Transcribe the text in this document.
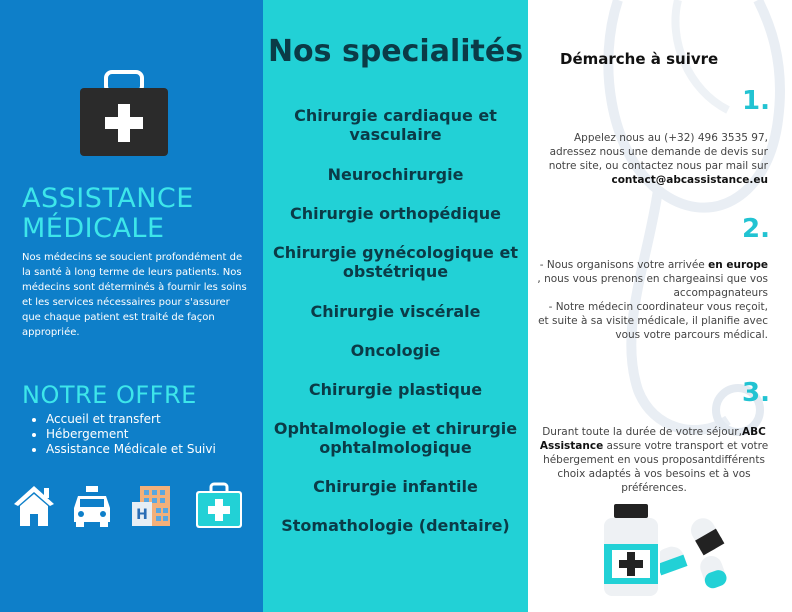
ASSISTANCE MÉDICALE
Nos médecins se soucient profondément de la santé à long terme de leurs patients. Nos médecins sont déterminés à fournir les soins et les services nécessaires pour s'assurer que chaque patient est traité de façon appropriée.
NOTRE OFFRE
• Accueil et transfert
• Hébergement
• Assistance Médicale et Suivi
H
Nos specialités
Chirurgie cardiaque et vasculaire
Neurochirurgie
Chirurgie orthopédique
Chirurgie gynécologique et obstétrique
Chirurgie viscérale
Oncologie
Chirurgie plastique
Ophtalmologie et chirurgie ophtalmologique
Chirurgie infantile
Stomathologie (dentaire)
Démarche à suivre
1.
Appelez nous au (+32) 496 3535 97, adressez nous une demande de devis sur notre site, ou contactez nous par mail sur contact@abcassistance.eu
2.
- Nous organisons votre arrivée en europe , nous vous prenons en chargeainsi que vos accompagnateurs
- Notre médecin coordinateur vous reçoit, et suite à sa visite médicale, il planifie avec vous votre parcours médical.
3.
Durant toute la durée de votre séjour,ABC Assistance assure votre transport et votre hébergement en vous proposantdifférents choix adaptés à vos besoins et à vos préférences.
